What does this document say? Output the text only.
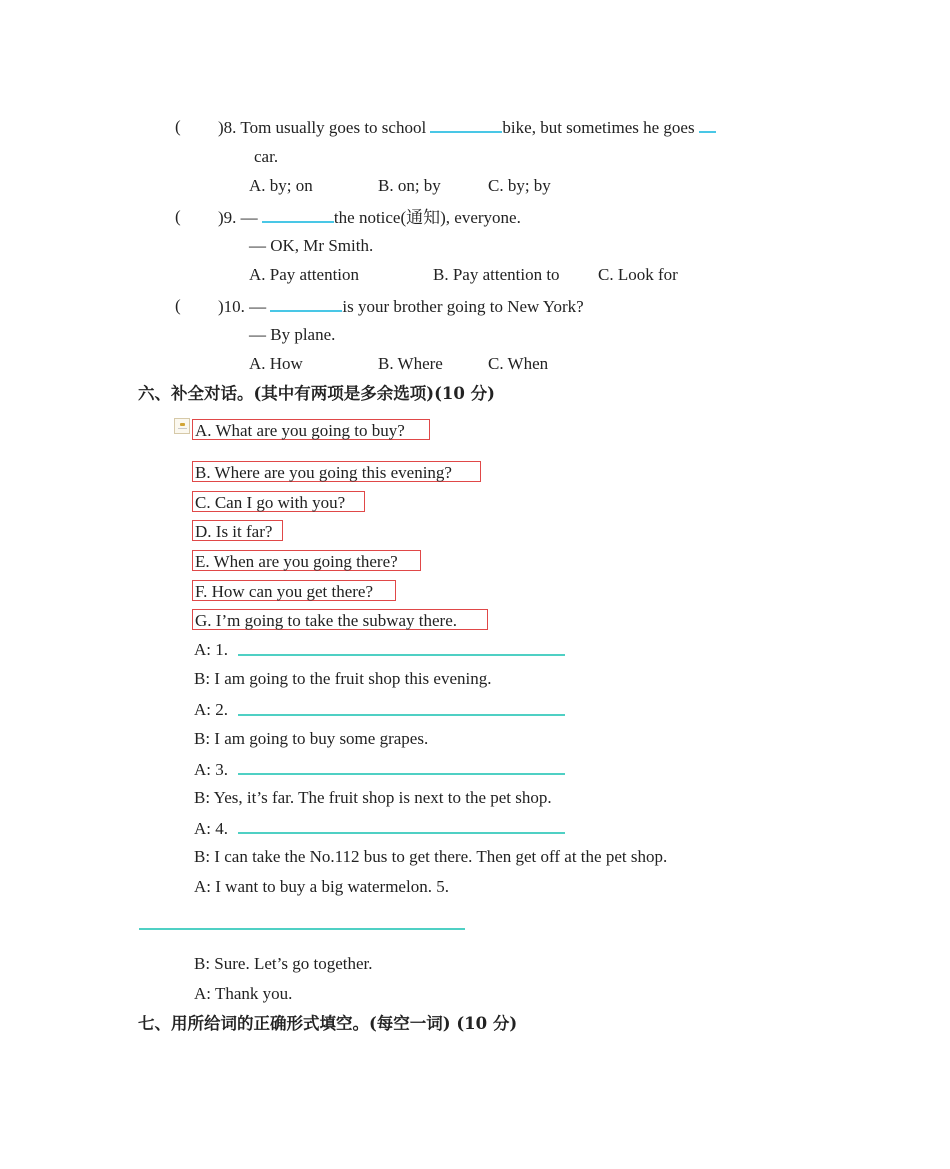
( )8. Tom usually goes to school	bike, but sometimes he goes
car.
A. by; on	B. on; by	C. by; by
( )9. —	the notice(通知), everyone.
— OK, Mr Smith.
A. Pay attention	B. Pay attention to C. Look for
( )10. —	is your brother going to New York?
— By plane.
A. How	B. Where	C. When
六、补全对话。(其中有两项是多余选项)(10 分)
A. What are you going to buy?
B. Where are you going this evening?
C. Can I go with you?
D. Is it far?
E. When are you going there?
F. How can you get there?
G. I’m going to take the subway there.
A: 1.
B: I am going to the fruit shop this evening.
A: 2.
B: I am going to buy some grapes.
A: 3.
B: Yes, it’s far. The fruit shop is next to the pet shop.
A: 4.
B: I can take the No.112 bus to get there. Then get off at the pet shop.
A: I want to buy a big watermelon. 5.
B: Sure. Let’s go together.
A: Thank you.
七、用所给词的正确形式填空。(每空一词) (10 分)
